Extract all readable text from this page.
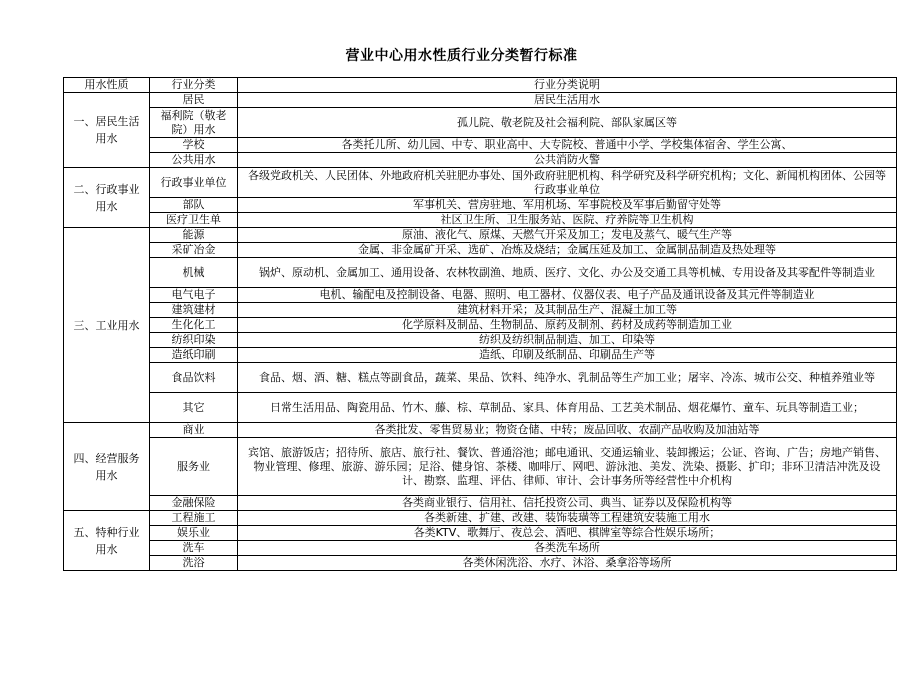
营业中心用水性质行业分类暂行标准
用水性质	行业分类	行业分类说明
一、居民生活用水	居民	居民生活用水
	福利院（敬老院）用水	孤儿院、敬老院及社会福利院、部队家属区等
	学校	各类托儿所、幼儿园、中专、职业高中、大专院校、普通中小学、学校集体宿舍、学生公寓、
	公共用水	公共消防火警
二、行政事业用水	行政事业单位	各级党政机关、人民团体、外地政府机关驻肥办事处、国外政府驻肥机构、科学研究及科学研究机构；文化、新闻机构团体、公园等行政事业单位
	部队	军事机关、营房驻地、军用机场、军事院校及军事后勤留守处等
	医疗卫生单	社区卫生所、卫生服务站、医院、疗养院等卫生机构
三、工业用水	能源	原油、液化气、原煤、天燃气开采及加工；发电及蒸气、暖气生产等
	采矿冶金	金属、非金属矿开采、选矿、冶炼及烧结；金属压延及加工、金属制品制造及热处理等
	机械	锅炉、原动机、金属加工、通用设备、农林牧副渔、地质、医疗、文化、办公及交通工具等机械、专用设备及其零配件等制造业
	电气电子	电机、输配电及控制设备、电器、照明、电工器材、仪器仪表、电子产品及通讯设备及其元件等制造业
	建筑建材	建筑材料开采；及其制品生产、混凝土加工等
	生化化工	化学原料及制品、生物制品、原药及制剂、药材及成药等制造加工业
	纺织印染	纺织及纺织制品制造、加工、印染等
	造纸印刷	造纸、印刷及纸制品、印刷品生产等
	食品饮料	食品、烟、酒、糖、糕点等副食品，蔬菜、果品、饮料、纯净水、乳制品等生产加工业；屠宰、冷冻、城市公交、种植养殖业等
	其它	日常生活用品、陶瓷用品、竹木、藤、棕、草制品、家具、体育用品、工艺美术制品、烟花爆竹、童车、玩具等制造工业；
四、经营服务用水	商业	各类批发、零售贸易业；物资仓储、中转；废品回收、农副产品收购及加油站等
	服务业	宾馆、旅游饭店；招待所、旅店、旅行社、餐饮、普通浴池；邮电通讯、交通运输业、装卸搬运；公证、咨询、广告；房地产销售、物业管理、修理、旅游、游乐园；足浴、健身馆、茶楼、咖啡厅、网吧、游泳池、美发、洗染、摄影、扩印；非环卫清洁冲洗及设计、勘察、监理、评估、律师、审计、会计事务所等经营性中介机构
	金融保险	各类商业银行、信用社、信托投资公司、典当、证券以及保险机构等
五、特种行业用水	工程施工	各类新建、扩建、改建、装饰装璜等工程建筑安装施工用水
	娱乐业	各类KTV、歌舞厅、夜总会、酒吧、棋牌室等综合性娱乐场所；
	洗车	各类洗车场所
	洗浴	各类休闲洗浴、水疗、沐浴、桑拿浴等场所
